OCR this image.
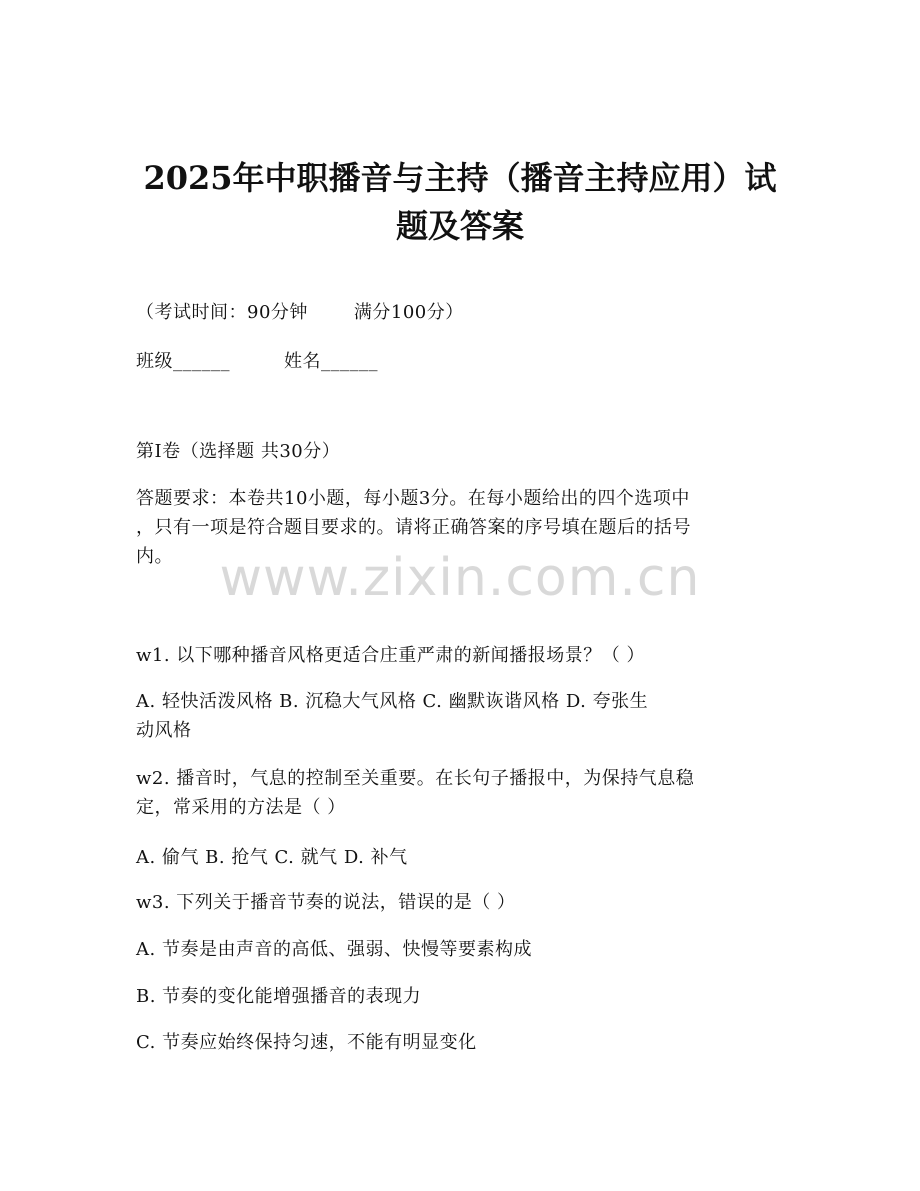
2025年中职播音与主持（播音主持应用）试
题及答案
（考试时间：90分钟	满分100分）
班级______	姓名______
第I卷（选择题 共30分）
答题要求：本卷共10小题，每小题3分。在每小题给出的四个选项中
，只有一项是符合题目要求的。请将正确答案的序号填在题后的括号
内。 www.zixin.com.cn
w1. 以下哪种播音风格更适合庄重严肃的新闻播报场景？（ ）
A. 轻快活泼风格 B. 沉稳大气风格 C. 幽默诙谐风格 D. 夸张生
动风格
w2. 播音时，气息的控制至关重要。在长句子播报中，为保持气息稳
定，常采用的方法是（ ）
A. 偷气 B. 抢气 C. 就气 D. 补气
w3. 下列关于播音节奏的说法，错误的是（ ）
A. 节奏是由声音的高低、强弱、快慢等要素构成
B. 节奏的变化能增强播音的表现力
C. 节奏应始终保持匀速，不能有明显变化
